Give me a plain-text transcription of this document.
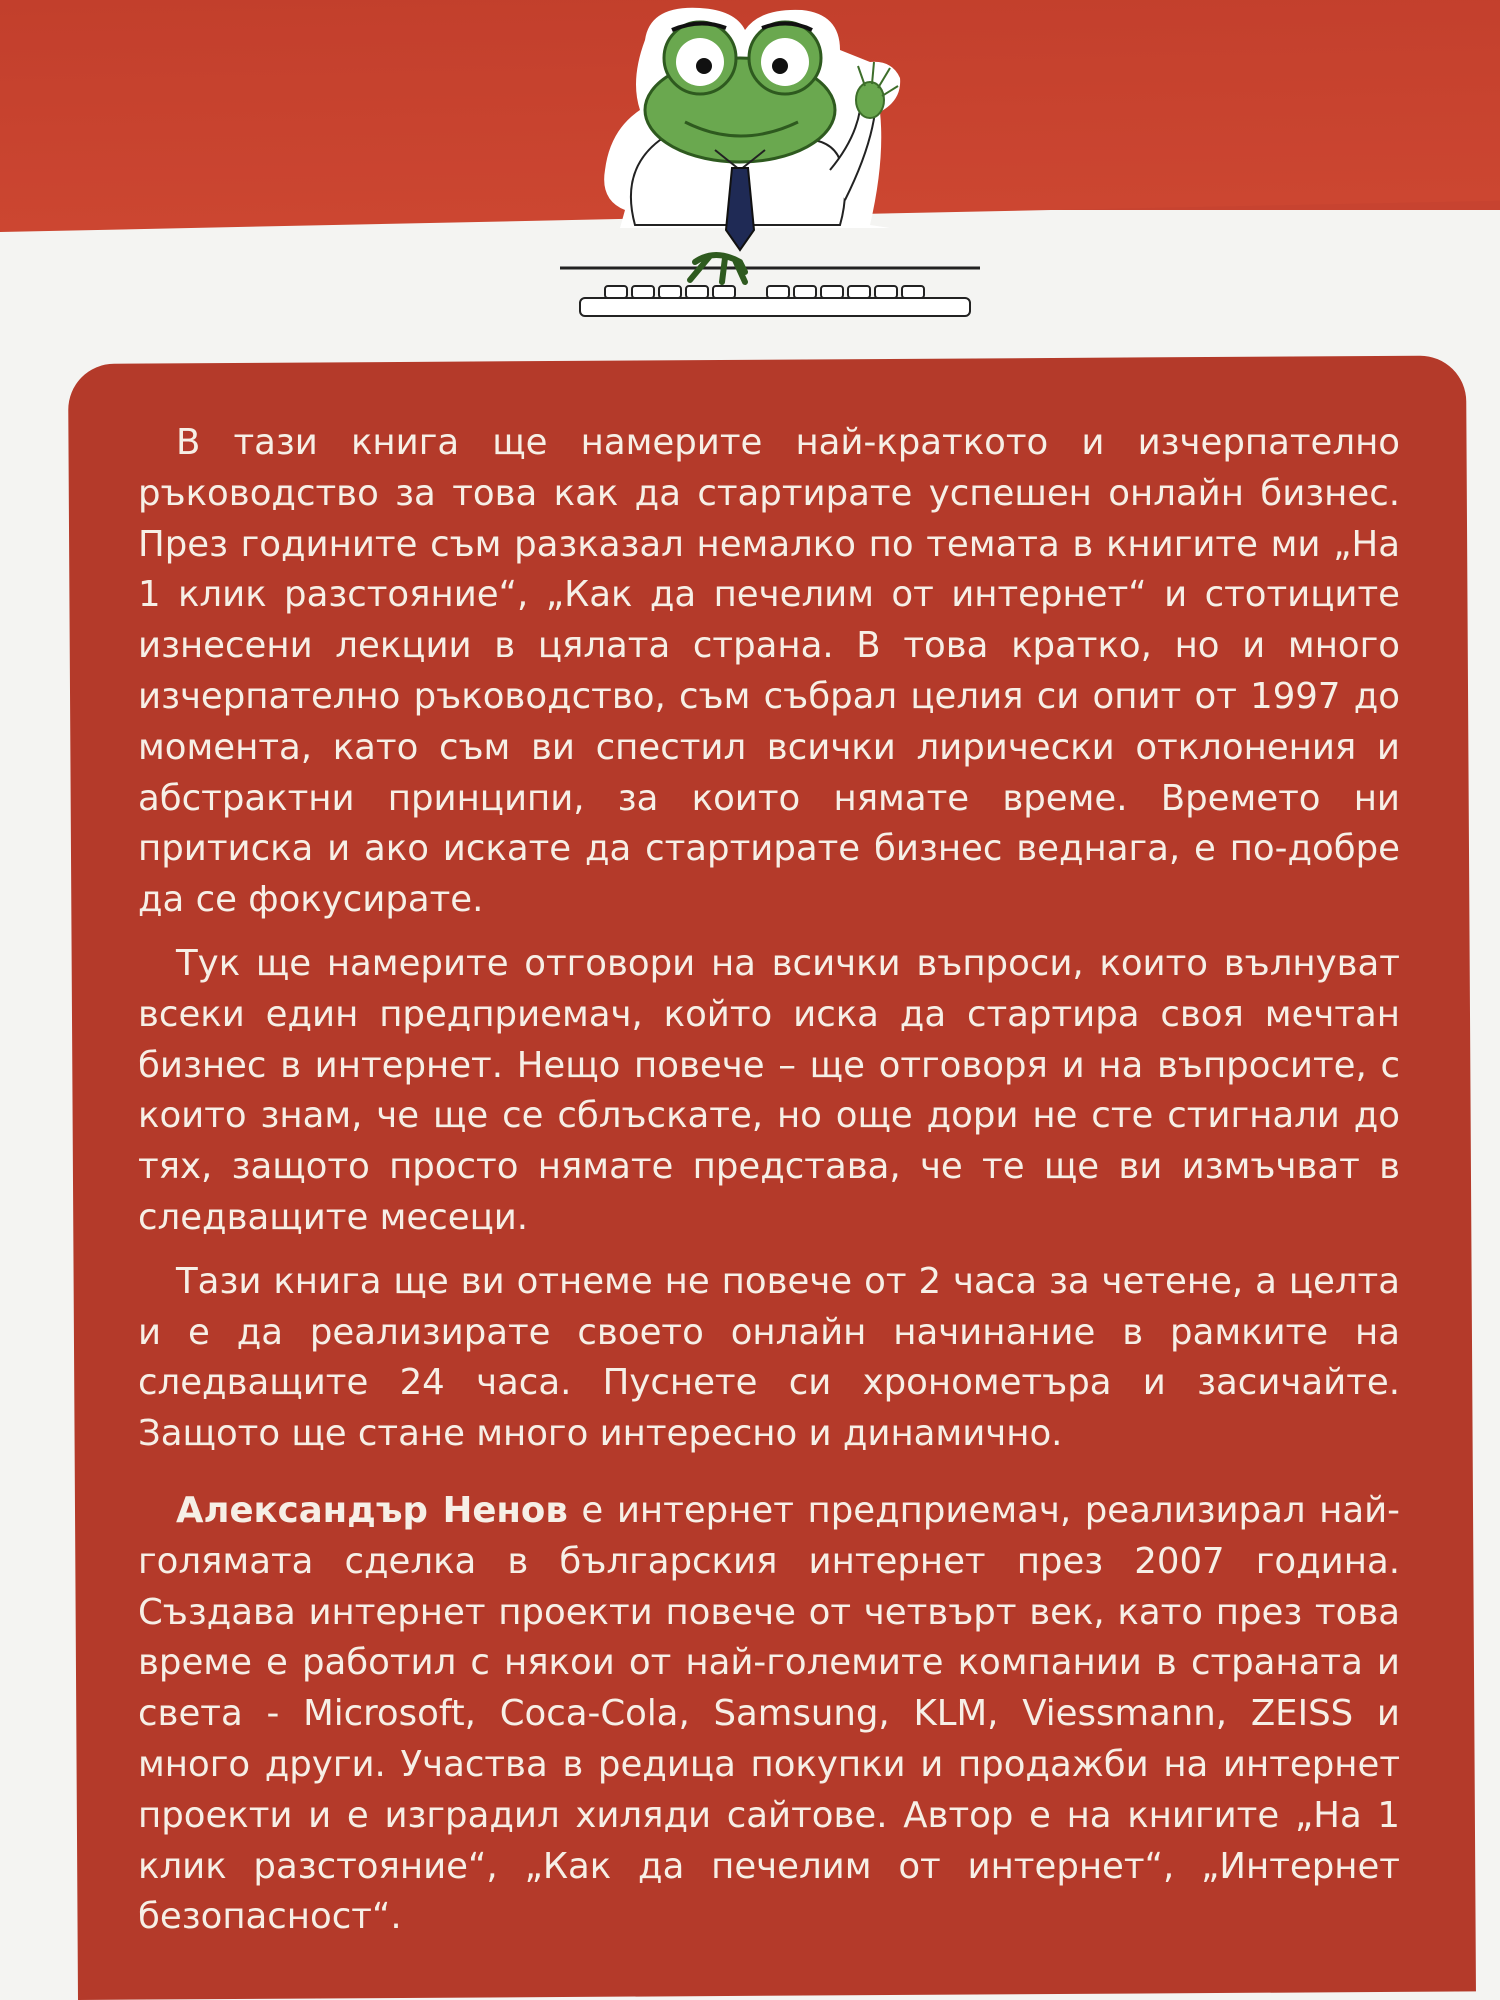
В тази книга ще намерите най-краткото и изчерпателно ръководство за това как да стартирате успешен онлайн бизнес. През годините съм разказал немалко по темата в книгите ми „На 1 клик разстояние“, „Как да печелим от интернет“ и стотиците изнесени лекции в цялата страна. В това кратко, но и много изчерпателно ръководство, съм събрал целия си опит от 1997 до момента, като съм ви спестил всички лирически отклонения и абстрактни принципи, за които нямате време. Времето ни притиска и ако искате да стартирате бизнес веднага, е по-добре да се фокусирате.

Тук ще намерите отговори на всички въпроси, които вълнуват всеки един предприемач, който иска да стартира своя мечтан бизнес в интернет. Нещо повече – ще отговоря и на въпросите, с които знам, че ще се сблъскате, но още дори не сте стигнали до тях, защото просто нямате представа, че те ще ви измъчват в следващите месеци.

Тази книга ще ви отнеме не повече от 2 часа за четене, а целта и е да реализирате своето онлайн начинание в рамките на следващите 24 часа. Пуснете си хронометъра и засичайте. Защото ще стане много интересно и динамично.

Александър Ненов е интернет предприемач, реализирал най-голямата сделка в българския интернет през 2007 година. Създава интернет проекти повече от четвърт век, като през това време е работил с някои от най-големите компании в страната и света - Microsoft, Coca-Cola, Samsung, KLM, Viessmann, ZEISS и много други. Участва в редица покупки и продажби на интернет проекти и е изградил хиляди сайтове. Автор е на книгите „На 1 клик разстояние“, „Как да печелим от интернет“, „Интернет безопасност“.
